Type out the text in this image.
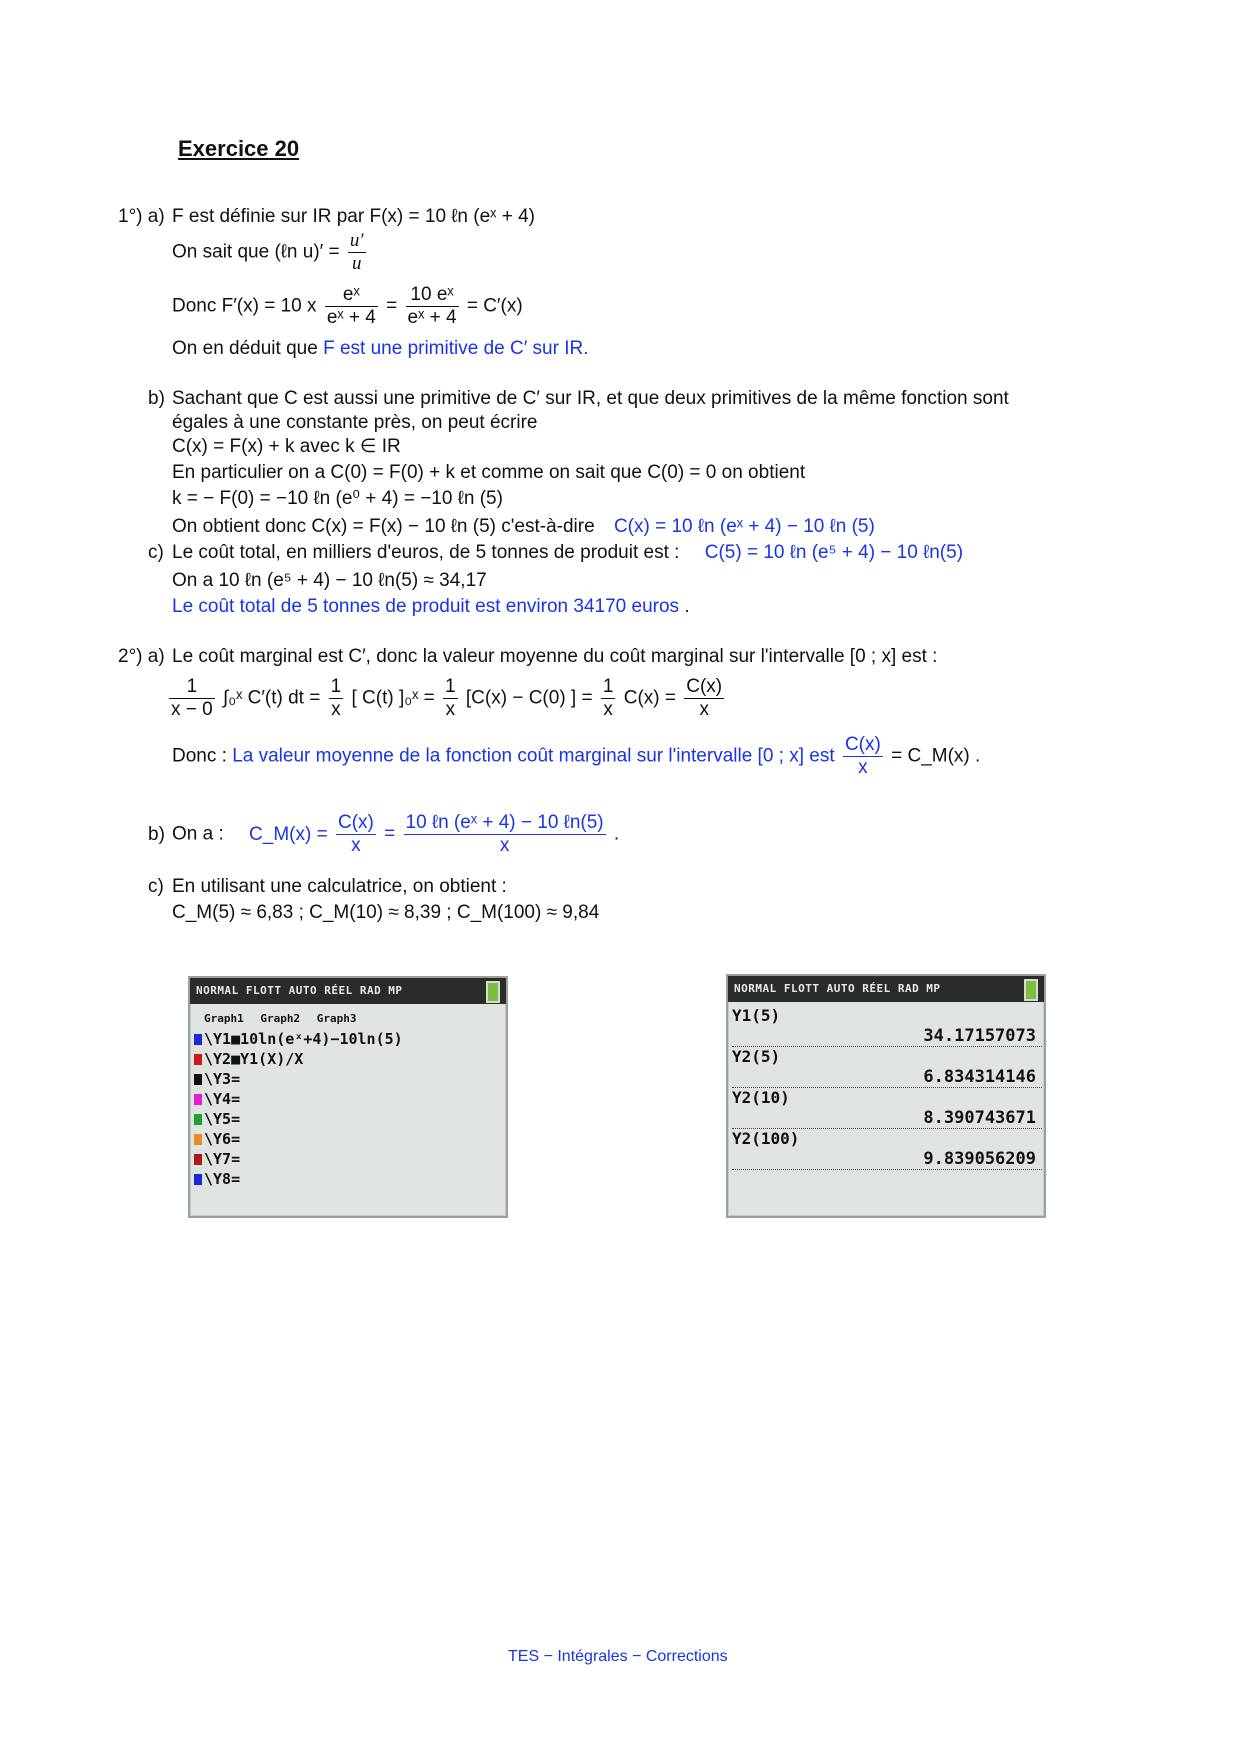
Exercice 20
1°) a) F est définie sur IR par F(x) = 10 ℓn (eˣ + 4)
On sait que (ℓn $u)' = \frac{u'}{u}$
Donc F′(x) = 10 x $\frac{\text{eˣ}}{\text{eˣ + 4}} = \frac{\text{10 eˣ}}{\text{eˣ + 4}} = C'(x)$
On en déduit que F est une primitive de C′ sur IR.
b) Sachant que C est aussi une primitive de C′ sur IR, et que deux primitives de la même fonction sont
égales à une constante près, on peut écrire
C(x) = F(x) + k avec k ∈ IR
En particulier on a C(0) = F(0) + k et comme on sait que C(0) = 0 on obtient
k = − F(0) = −10 ℓn (e⁰ + 4) = −10 ℓn (5)
On obtient donc C(x) = F(x) − 10 ℓn (5) c'est-à-dire C(x) = 10 ℓn (eˣ + 4) − 10 ℓn (5)
c) Le coût total, en milliers d'euros, de 5 tonnes de produit est : C(5) = 10 ℓn (e⁵ + 4) − 10 ℓn(5)
On a 10 ℓn (e⁵ + 4) − 10 ℓn(5) ≈ 34,17
Le coût total de 5 tonnes de produit est environ 34170 euros .
2°) a) Le coût marginal est C′, donc la valeur moyenne du coût marginal sur l'intervalle [0 ; x] est :
$\frac{1}{x - 0}$ ∫₀ˣ C′(t) dt = $\frac{1}{x}$ [ C(t) ]₀ˣ = $\frac{1}{x} [C(x) - C(0)$ ] = $\frac{1}{x} C(x) = \frac{C(x)}{x}$
Donc : La valeur moyenne de la fonction coût marginal sur l'intervalle [0 ; x] est $\frac{C(x)}{x}$ = C_M(x) .
b) On a : C_M(x) = $\frac{C(x)}{x} = \frac{\text{10 ℓn (eˣ + 4) − 10 ℓn(5)}}{x}$ .
c) En utilisant une calculatrice, on obtient :
C_M(5) ≈ 6,83 ; C_M(10) ≈ 8,39 ; C_M(100) ≈ 9,84
NORMAL FLOTT AUTO RÉEL RAD MP
Graph1 Graph2 Graph3
\Y1■10ln(eˣ+4)−10ln(5)
\Y2■Y1(X)/X
\Y3=
\Y4=
\Y5=
\Y6=
\Y7=
\Y8=
NORMAL FLOTT AUTO RÉEL RAD MP
Y1(5)
34.17157073
Y2(5)
6.834314146
Y2(10)
8.390743671
Y2(100)
9.839056209
TES − Intégrales − Corrections
